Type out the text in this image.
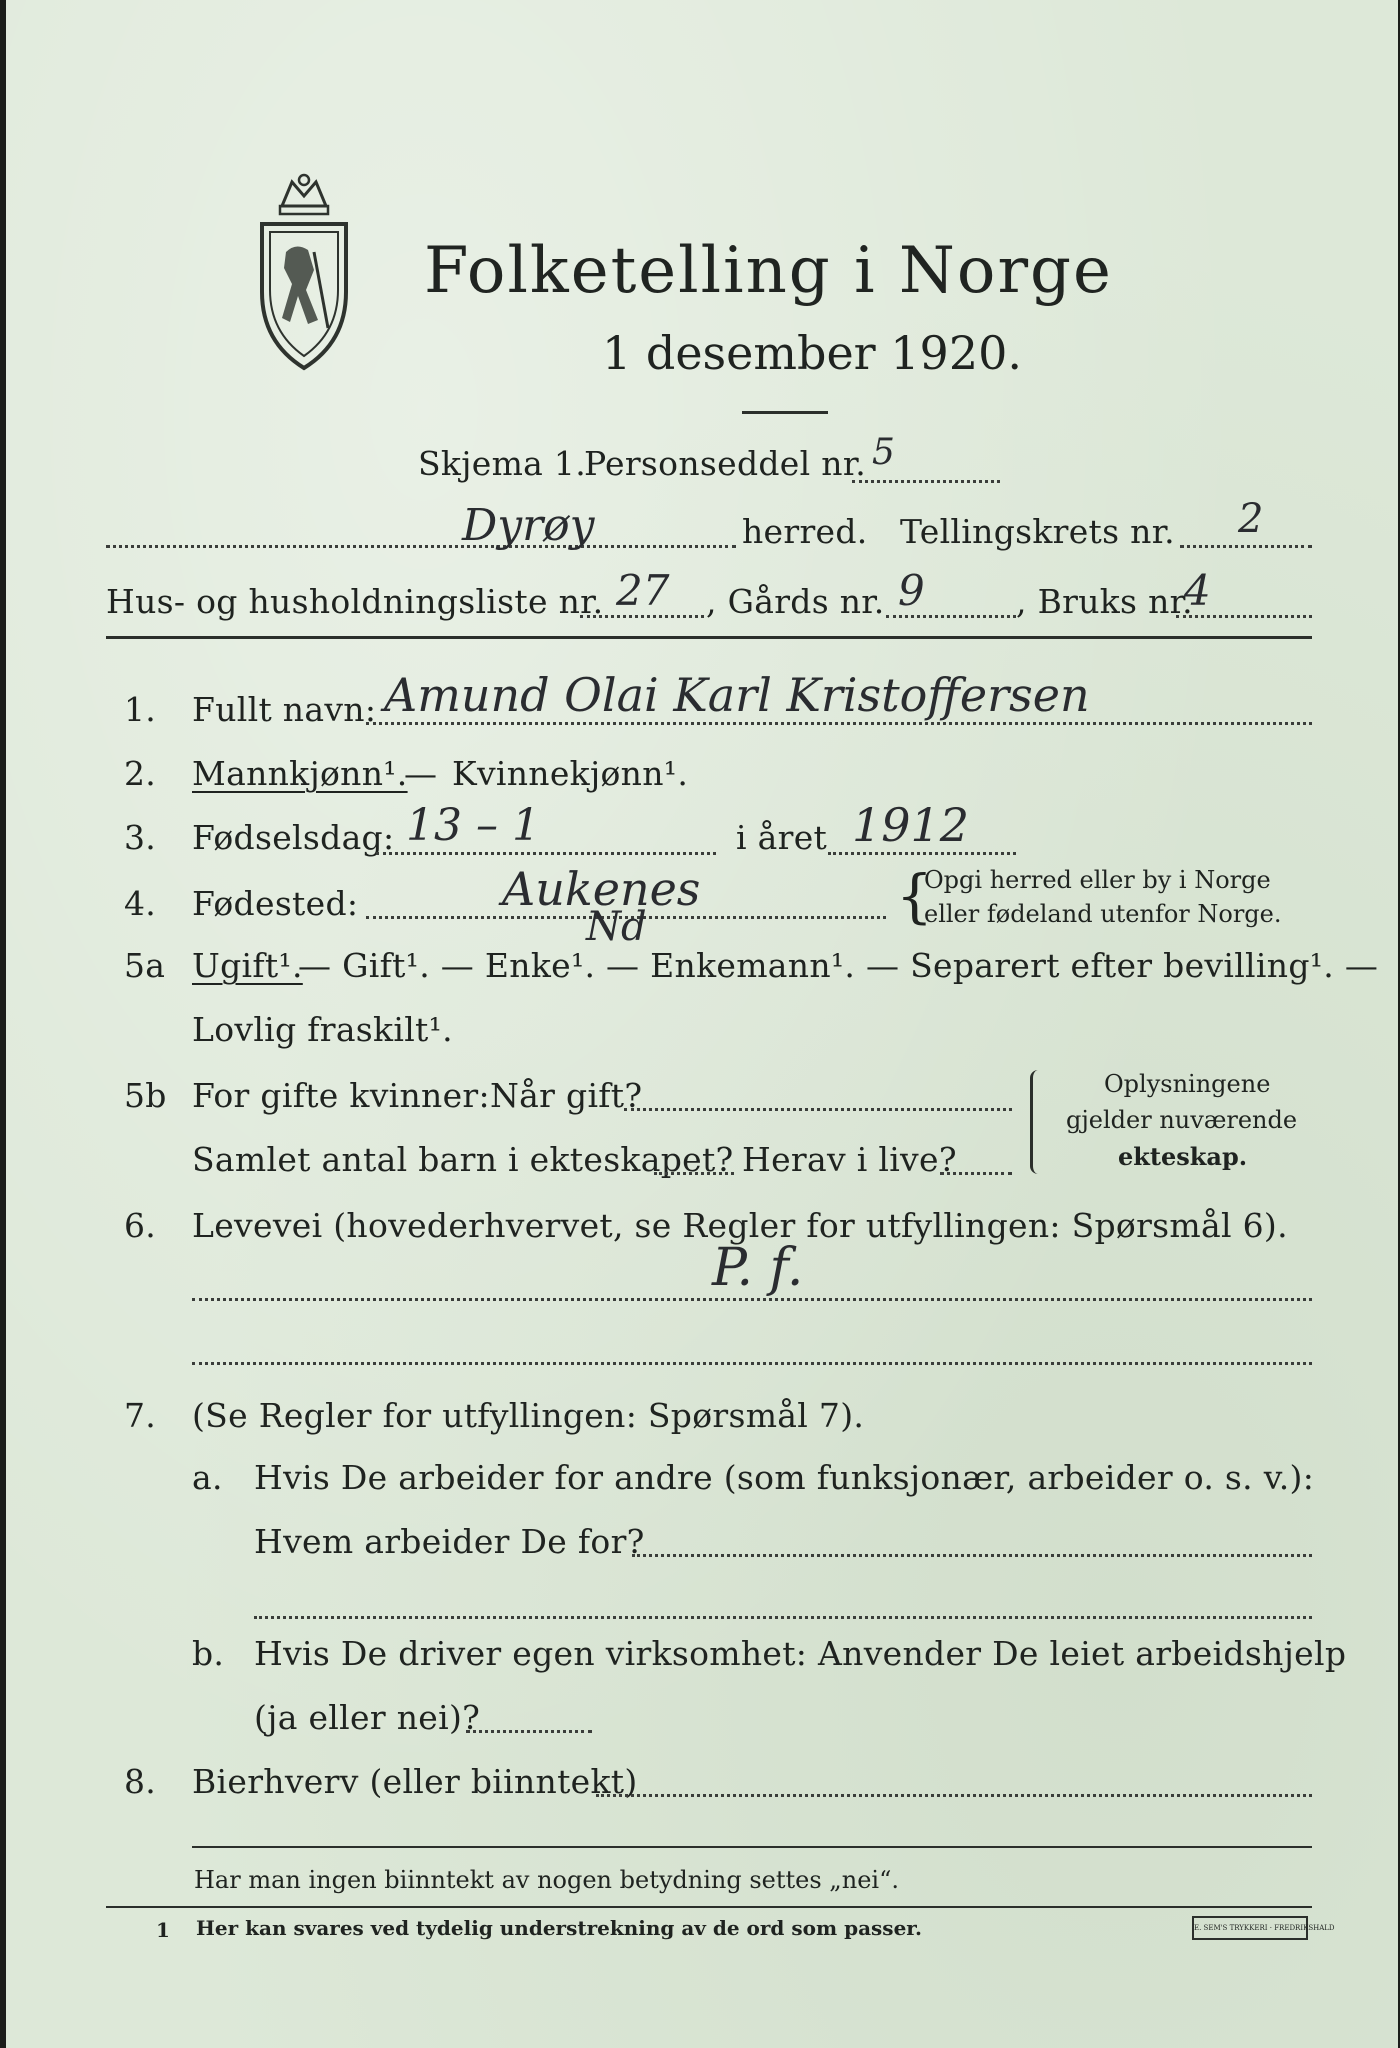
Folketelling i Norge
1 desember 1920.
Skjema 1.
Personseddel nr. 5
Dyrøy	herred. Tellingskrets nr. 2
Hus- og husholdningsliste nr. 27 , Gårds nr. 9	, Bruks nr.
4
1. Fullt navn: Amund Olai Karl Kristoffersen
2. Mannkjønn¹.
— Kvinnekjønn¹.
3. Fødselsdag: 13 – 1	i året 1912
4. Fødested:	Aukenes
Nd	{
Opgi herred eller by i Norge
eller fødeland utenfor Norge.
5a Ugift¹.
— Gift¹. — Enke¹. — Enkemann¹. — Separert efter bevilling¹. —
Lovlig fraskilt¹.
5b For gifte kvinner: Når gift?
Samlet antal barn i ekteskapet? Herav i live?
Oplysningene
gjelder nuværende
ekteskap.
6. Levevei (hovederhvervet, se Regler for utfyllingen: Spørsmål 6).
P. f.
7. (Se Regler for utfyllingen: Spørsmål 7).
a. Hvis De arbeider for andre (som funksjonær, arbeider o. s. v.):
Hvem arbeider De for?
b. Hvis De driver egen virksomhet: Anvender De leiet arbeidshjelp
(ja eller nei)?
8. Bierhverv (eller biinntekt)
Har man ingen biinntekt av nogen betydning settes „nei“.
1 Her kan svares ved tydelig understrekning av de ord som passer.	E. SEM'S TRYKKERI · FREDRIKSHALD
